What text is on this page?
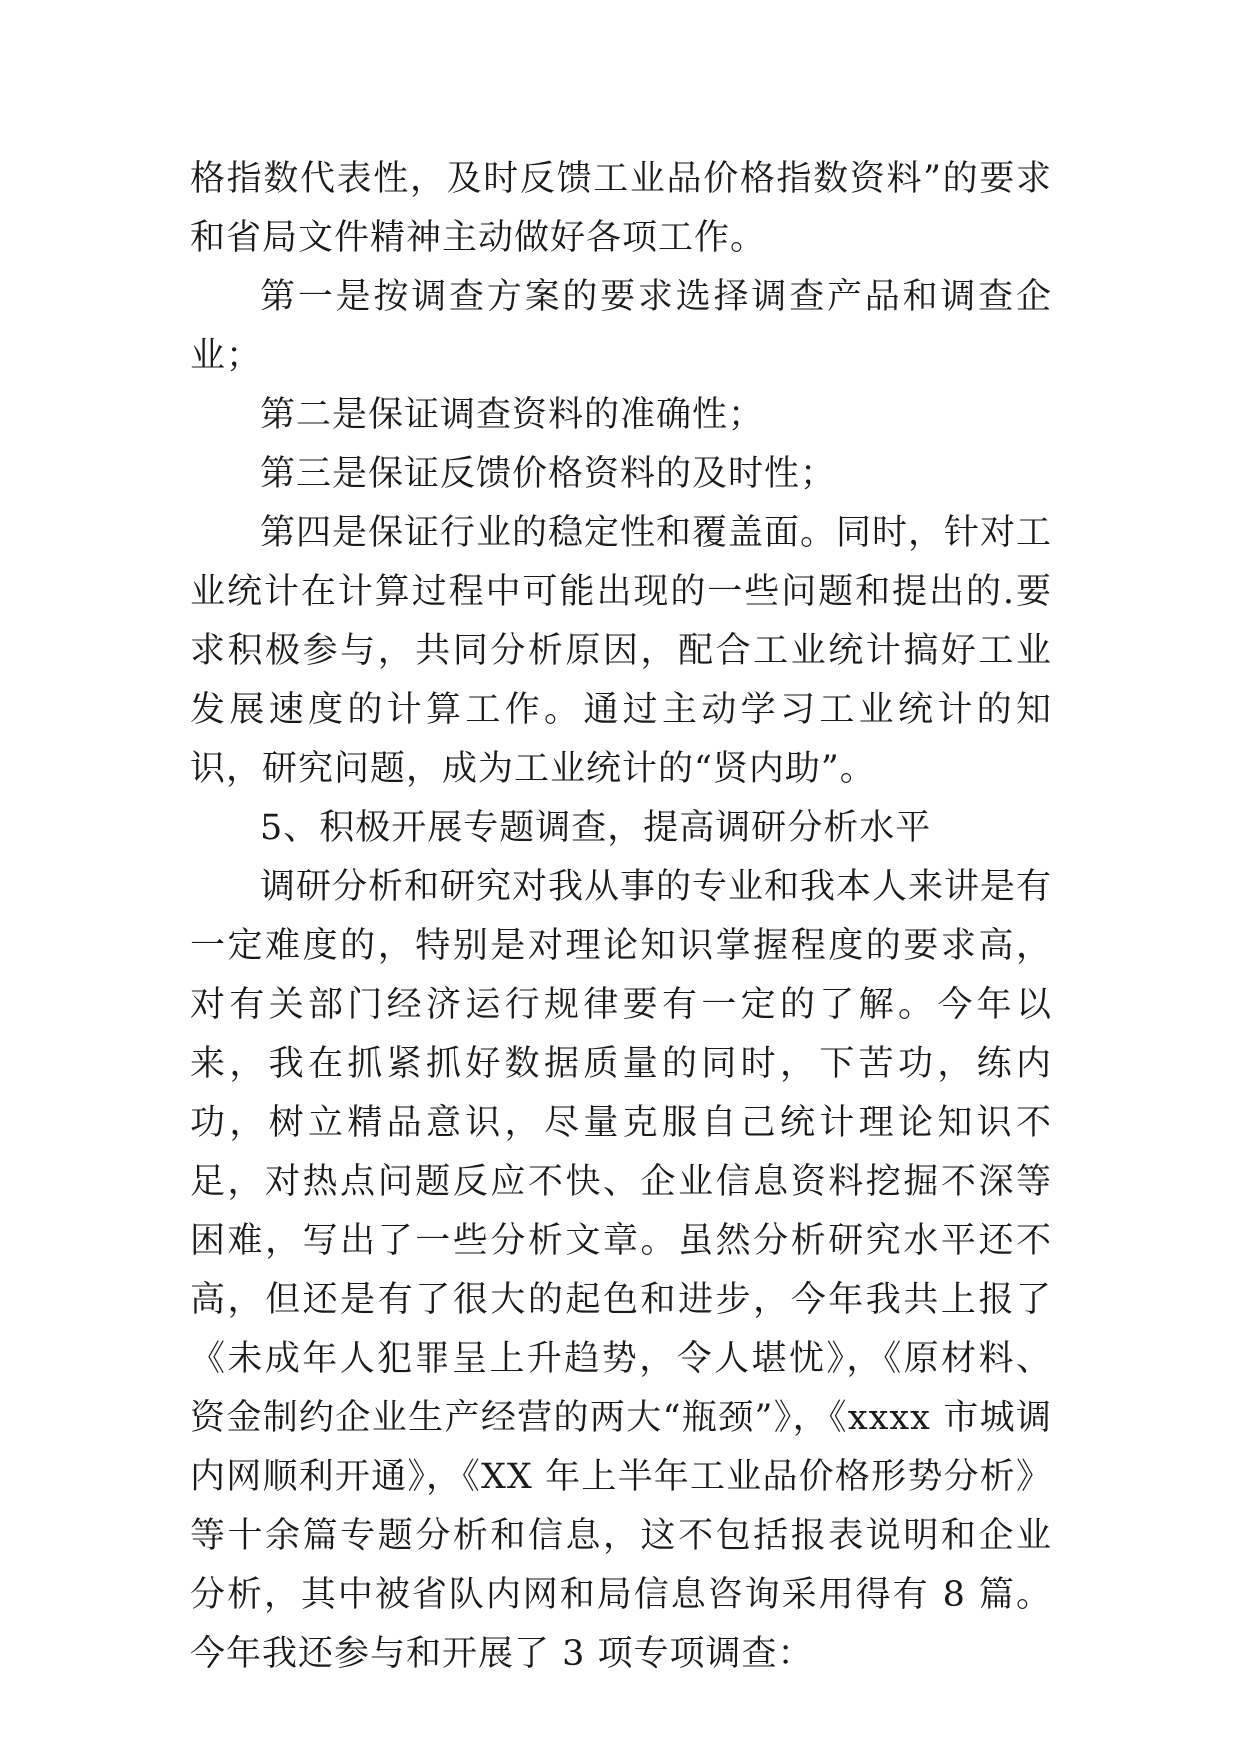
格指数代表性，及时反馈工业品价格指数资料”的要求和省局文件精神主动做好各项工作。

第一是按调查方案的要求选择调查产品和调查企业；

第二是保证调查资料的准确性；

第三是保证反馈价格资料的及时性；

第四是保证行业的稳定性和覆盖面。同时，针对工业统计在计算过程中可能出现的一些问题和提出的.要求积极参与，共同分析原因，配合工业统计搞好工业发展速度的计算工作。通过主动学习工业统计的知识，研究问题，成为工业统计的“贤内助”。

5、积极开展专题调查，提高调研分析水平

调研分析和研究对我从事的专业和我本人来讲是有一定难度的，特别是对理论知识掌握程度的要求高，对有关部门经济运行规律要有一定的了解。今年以来，我在抓紧抓好数据质量的同时，下苦功，练内功，树立精品意识，尽量克服自己统计理论知识不足，对热点问题反应不快、企业信息资料挖掘不深等困难，写出了一些分析文章。虽然分析研究水平还不高，但还是有了很大的起色和进步，今年我共上报了《未成年人犯罪呈上升趋势，令人堪忧》，《原材料、资金制约企业生产经营的两大“瓶颈”》，《xxxx 市城调内网顺利开通》，《XX 年上半年工业品价格形势分析》等十余篇专题分析和信息，这不包括报表说明和企业分析，其中被省队内网和局信息咨询采用得有 8 篇。今年我还参与和开展了 3 项专项调查：
